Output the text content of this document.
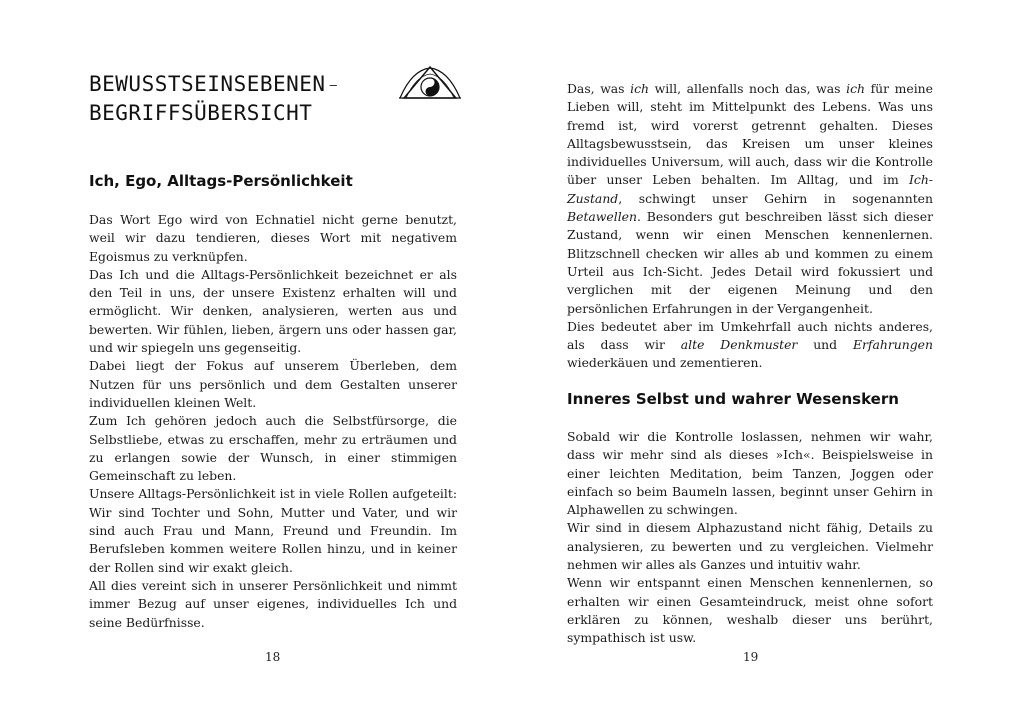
BEWUSSTSEINSEBENEN –
BEGRIFFSÜBERSICHT
Ich, Ego, Alltags-Persönlichkeit

Das Wort Ego wird von Echnatiel nicht gerne benutzt, weil wir dazu tendieren, dieses Wort mit negativem Egoismus zu verknüpfen.

Das Ich und die Alltags-Persönlichkeit bezeichnet er als den Teil in uns, der unsere Existenz erhalten will und ermöglicht. Wir denken, analysieren, werten aus und bewerten. Wir fühlen, lieben, ärgern uns oder hassen gar, und wir spiegeln uns gegenseitig.

Dabei liegt der Fokus auf unserem Überleben, dem Nutzen für uns persönlich und dem Gestalten unserer individuellen kleinen Welt.

Zum Ich gehören jedoch auch die Selbstfürsorge, die Selbstliebe, etwas zu erschaffen, mehr zu erträumen und zu erlangen sowie der Wunsch, in einer stimmigen Gemeinschaft zu leben.

Unsere Alltags-Persönlichkeit ist in viele Rollen aufgeteilt: Wir sind Tochter und Sohn, Mutter und Vater, und wir sind auch Frau und Mann, Freund und Freundin. Im Berufsleben kommen weitere Rollen hinzu, und in keiner der Rollen sind wir exakt gleich.

All dies vereint sich in unserer Persönlichkeit und nimmt immer Bezug auf unser eigenes, individuelles Ich und seine Bedürfnisse.

18

Das, was ich will, allenfalls noch das, was ich für meine Lieben will, steht im Mittelpunkt des Lebens. Was uns fremd ist, wird vorerst getrennt gehalten. Dieses Alltagsbewusstsein, das Kreisen um unser kleines individuelles Universum, will auch, dass wir die Kontrolle über unser Leben behalten. Im Alltag, und im Ich-Zustand, schwingt unser Gehirn in sogenannten Betawellen. Besonders gut beschreiben lässt sich dieser Zustand, wenn wir einen Menschen kennenlernen. Blitzschnell checken wir alles ab und kommen zu einem Urteil aus Ich-Sicht. Jedes Detail wird fokussiert und verglichen mit der eigenen Meinung und den persönlichen Erfahrungen in der Vergangenheit.

Dies bedeutet aber im Umkehrfall auch nichts anderes, als dass wir alte Denkmuster und Erfahrungen wiederkäuen und zementieren.

Inneres Selbst und wahrer Wesenskern

Sobald wir die Kontrolle loslassen, nehmen wir wahr, dass wir mehr sind als dieses »Ich«. Beispielsweise in einer leichten Meditation, beim Tanzen, Joggen oder einfach so beim Baumeln lassen, beginnt unser Gehirn in Alphawellen zu schwingen.

Wir sind in diesem Alphazustand nicht fähig, Details zu analysieren, zu bewerten und zu vergleichen. Vielmehr nehmen wir alles als Ganzes und intuitiv wahr.

Wenn wir entspannt einen Menschen kennenlernen, so erhalten wir einen Gesamteindruck, meist ohne sofort erklären zu können, weshalb dieser uns berührt, sympathisch ist usw.

19
